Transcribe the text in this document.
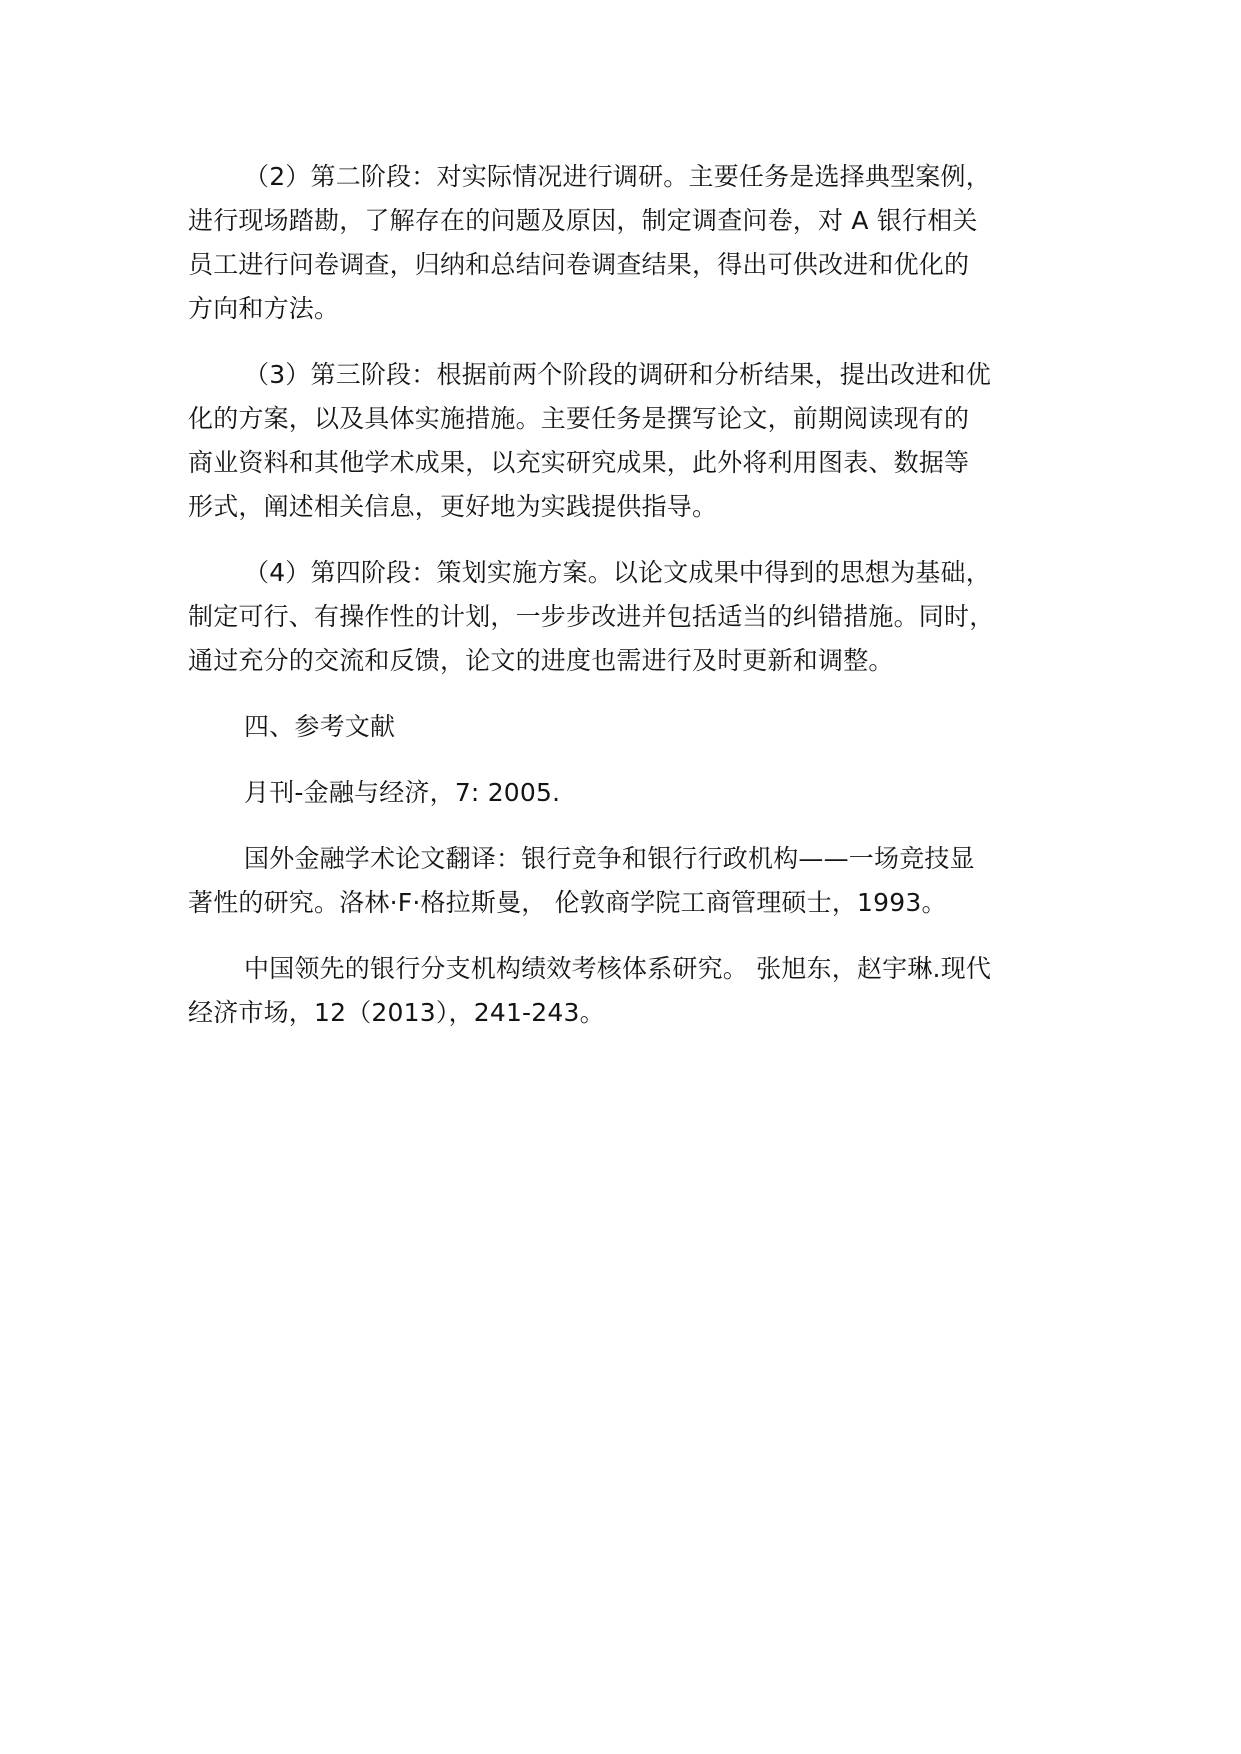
（2）第二阶段：对实际情况进行调研。主要任务是选择典型案例，
进行现场踏勘，了解存在的问题及原因，制定调查问卷，对 A 银行相关
员工进行问卷调查，归纳和总结问卷调查结果，得出可供改进和优化的
方向和方法。
（3）第三阶段：根据前两个阶段的调研和分析结果，提出改进和优
化的方案，以及具体实施措施。主要任务是撰写论文，前期阅读现有的
商业资料和其他学术成果，以充实研究成果，此外将利用图表、数据等
形式，阐述相关信息，更好地为实践提供指导。
（4）第四阶段：策划实施方案。以论文成果中得到的思想为基础，
制定可行、有操作性的计划，一步步改进并包括适当的纠错措施。同时，
通过充分的交流和反馈，论文的进度也需进行及时更新和调整。
四、参考文献
月刊-金融与经济，7: 2005.
国外金融学术论文翻译：银行竞争和银行行政机构——一场竞技显
著性的研究。洛林·F·格拉斯曼， 伦敦商学院工商管理硕士，1993。
中国领先的银行分支机构绩效考核体系研究。 张旭东，赵宇琳.现代
经济市场，12（2013），241-243。
